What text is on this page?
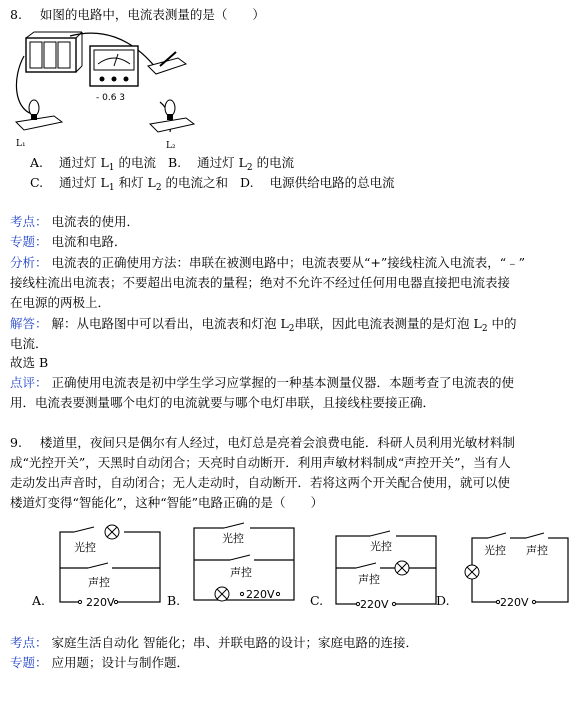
8. 如图的电路中，电流表测量的是（　　）
- 0.6 3
L₁	L₂
A. 通过灯 $L_1$ 的电流 B. 通过灯 $L_2$ 的电流
C. 通过灯 $L_1$ 和灯 $L_2$ 的电流之和 D. 电源供给电路的总电流
考点： 电流表的使用．
专题： 电流和电路．
分析： 电流表的正确使用方法：串联在被测电路中；电流表要从“+”接线柱流入电流表，“﹣”
接线柱流出电流表；不要超出电流表的量程；绝对不允许不经过任何用电器直接把电流表接
在电源的两极上．
解答： 解：从电路图中可以看出，电流表和灯泡 $L_2$串联，因此电流表测量的是灯泡 $L_2$ 中的
电流．
故选 B
点评： 正确使用电流表是初中学生学习应掌握的一种基本测量仪器．本题考查了电流表的使
用．电流表要测量哪个电灯的电流就要与哪个电灯串联，且接线柱要接正确．
9. 楼道里，夜间只是偶尔有人经过，电灯总是亮着会浪费电能．科研人员利用光敏材料制
成“光控开关”，天黑时自动闭合；天亮时自动断开．利用声敏材料制成“声控开关”，当有人
走动发出声音时，自动闭合；无人走动时，自动断开．若将这两个开关配合使用，就可以使
楼道灯变得“智能化”，这种“智能”电路正确的是（　　）
A.
光控
声控
220V	B.
光控
声控
220V	C.
光控
声控
220V	D.
光控 声控
220V
考点： 家庭生活自动化 智能化；串、并联电路的设计；家庭电路的连接．
专题： 应用题；设计与制作题．
